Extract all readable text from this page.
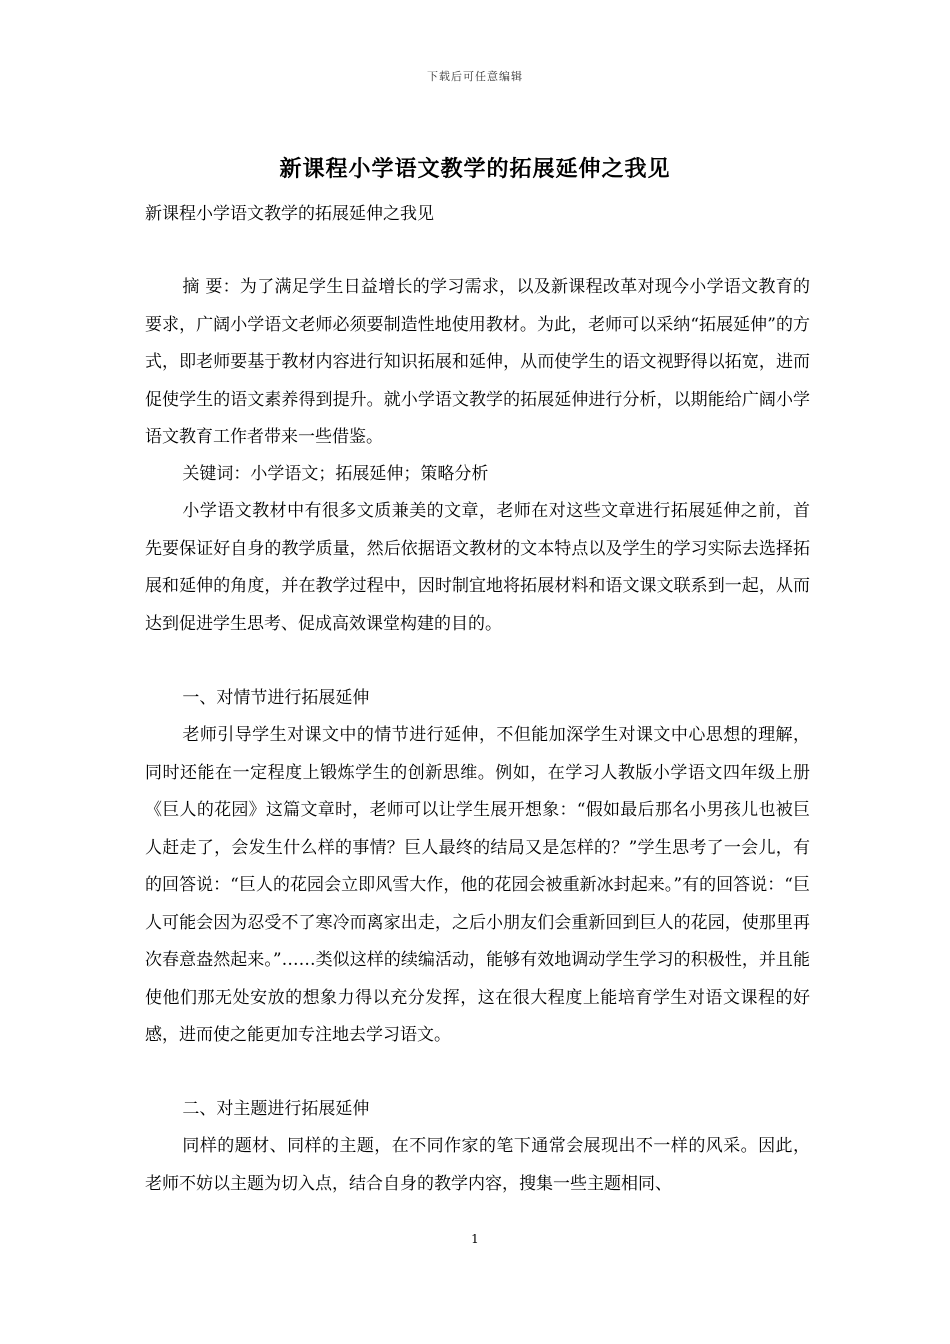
下载后可任意编辑
新课程小学语文教学的拓展延伸之我见

新课程小学语文教学的拓展延伸之我见

摘 要：为了满足学生日益增长的学习需求，以及新课程改革对现今小学语文教育的要求，广阔小学语文老师必须要制造性地使用教材。为此，老师可以采纳“拓展延伸”的方式，即老师要基于教材内容进行知识拓展和延伸，从而使学生的语文视野得以拓宽，进而促使学生的语文素养得到提升。就小学语文教学的拓展延伸进行分析，以期能给广阔小学语文教育工作者带来一些借鉴。

关键词：小学语文；拓展延伸；策略分析

小学语文教材中有很多文质兼美的文章，老师在对这些文章进行拓展延伸之前，首先要保证好自身的教学质量，然后依据语文教材的文本特点以及学生的学习实际去选择拓展和延伸的角度，并在教学过程中，因时制宜地将拓展材料和语文课文联系到一起，从而达到促进学生思考、促成高效课堂构建的目的。

一、对情节进行拓展延伸

老师引导学生对课文中的情节进行延伸，不但能加深学生对课文中心思想的理解，同时还能在一定程度上锻炼学生的创新思维。例如，在学习人教版小学语文四年级上册《巨人的花园》这篇文章时，老师可以让学生展开想象：“假如最后那名小男孩儿也被巨人赶走了，会发生什么样的事情？巨人最终的结局又是怎样的？”学生思考了一会儿，有的回答说：“巨人的花园会立即风雪大作，他的花园会被重新冰封起来。”有的回答说：“巨人可能会因为忍受不了寒冷而离家出走，之后小朋友们会重新回到巨人的花园，使那里再次春意盎然起来。”……类似这样的续编活动，能够有效地调动学生学习的积极性，并且能使他们那无处安放的想象力得以充分发挥，这在很大程度上能培育学生对语文课程的好感，进而使之能更加专注地去学习语文。

二、对主题进行拓展延伸

同样的题材、同样的主题，在不同作家的笔下通常会展现出不一样的风采。因此，老师不妨以主题为切入点，结合自身的教学内容，搜集一些主题相同、

1
